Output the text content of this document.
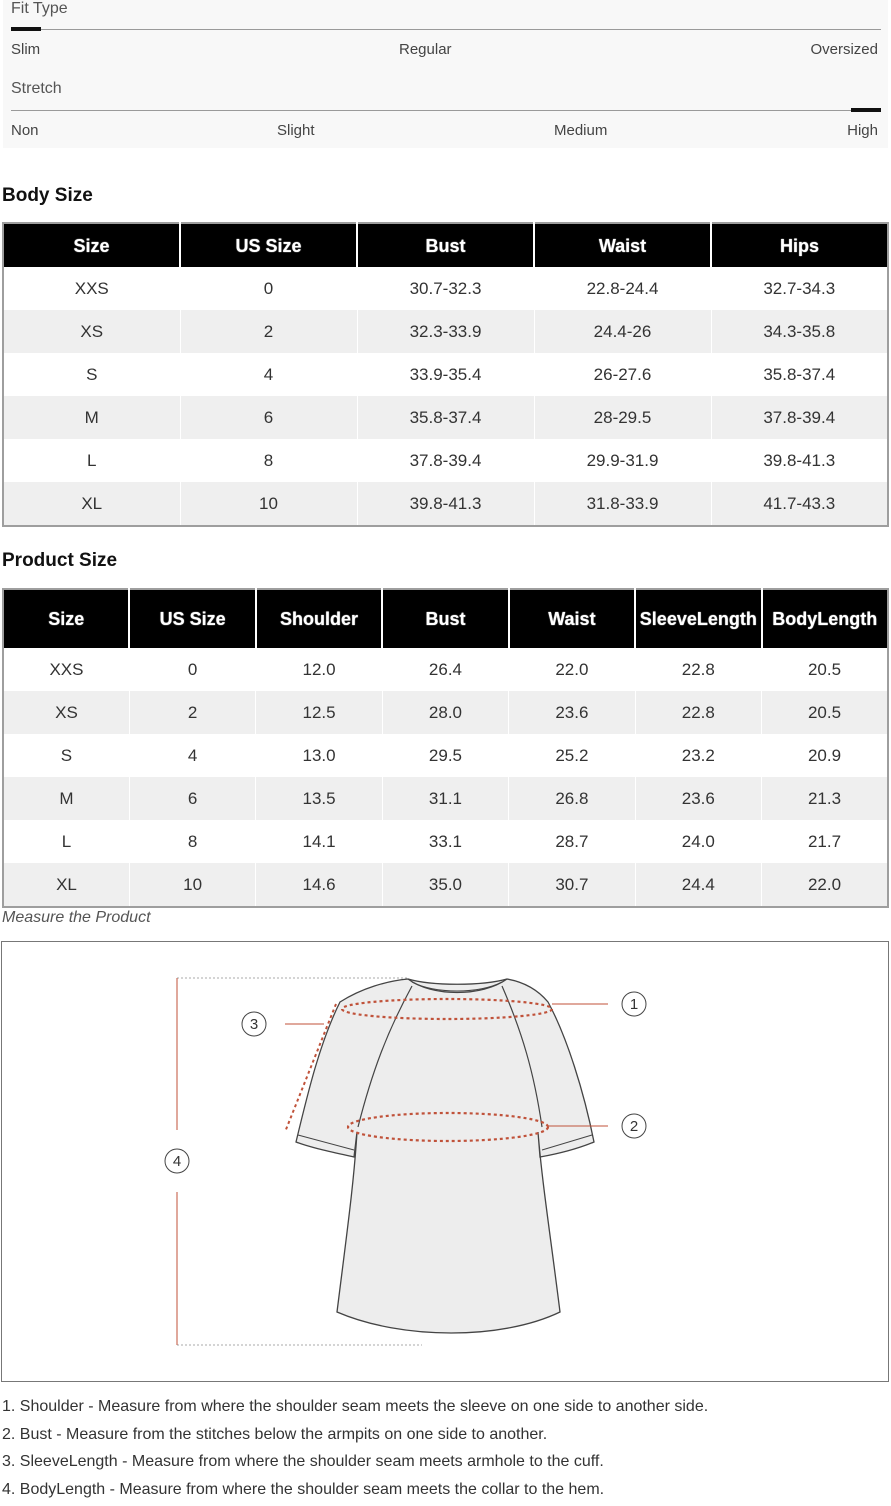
Fit Type
Slim	Regular	Oversized
Stretch
Non	Slight	Medium	High
Body Size
Size	US Size	Bust	Waist	Hips
XXS	0	30.7-32.3	22.8-24.4	32.7-34.3
XS	2	32.3-33.9	24.4-26	34.3-35.8
S	4	33.9-35.4	26-27.6	35.8-37.4
M	6	35.8-37.4	28-29.5	37.8-39.4
L	8	37.8-39.4	29.9-31.9	39.8-41.3
XL	10	39.8-41.3	31.8-33.9	41.7-43.3
Product Size
Size	US Size	Shoulder	Bust	Waist	SleeveLength	BodyLength
XXS	0	12.0	26.4	22.0	22.8	20.5
XS	2	12.5	28.0	23.6	22.8	20.5
S	4	13.0	29.5	25.2	23.2	20.9
M	6	13.5	31.1	26.8	23.6	21.3
L	8	14.1	33.1	28.7	24.0	21.7
XL	10	14.6	35.0	30.7	24.4	22.0
Measure the Product
1
2
3
4
1. Shoulder - Measure from where the shoulder seam meets the sleeve on one side to another side.
2. Bust - Measure from the stitches below the armpits on one side to another.
3. SleeveLength - Measure from where the shoulder seam meets armhole to the cuff.
4. BodyLength - Measure from where the shoulder seam meets the collar to the hem.
